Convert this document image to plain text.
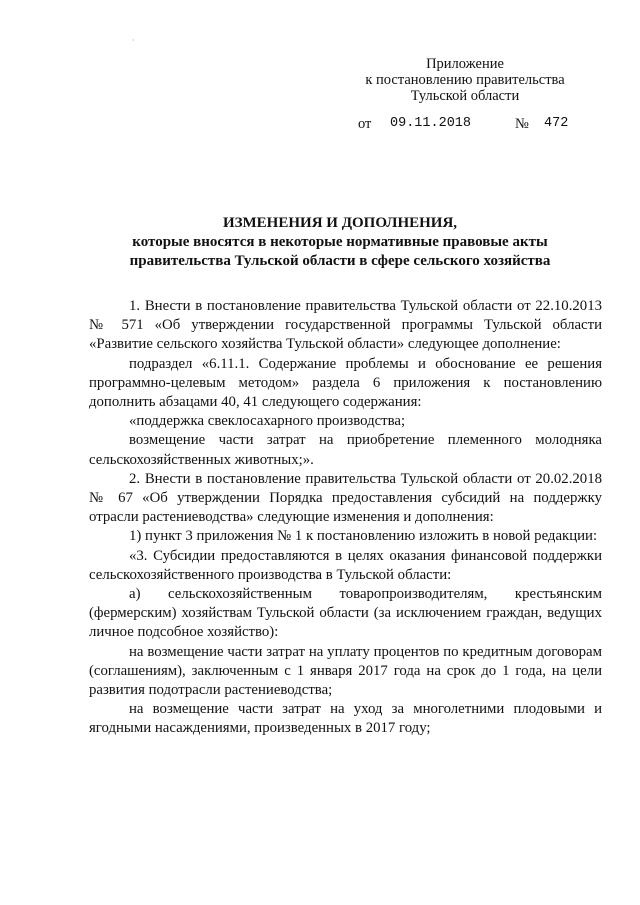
·
Приложение
к постановлению правительства
Тульской области
от 09.11.2018	№ 472
ИЗМЕНЕНИЯ И ДОПОЛНЕНИЯ,
которые вносятся в некоторые нормативные правовые акты
правительства Тульской области в сфере сельского хозяйства

1. Внести в постановление правительства Тульской области от 22.10.2013 № 571 «Об утверждении государственной программы Тульской области «Развитие сельского хозяйства Тульской области» следующее дополнение:

подраздел «6.11.1. Содержание проблемы и обоснование ее решения программно-целевым методом» раздела 6 приложения к постановлению дополнить абзацами 40, 41 следующего содержания:

«поддержка свеклосахарного производства;

возмещение части затрат на приобретение племенного молодняка сельскохозяйственных животных;».

2. Внести в постановление правительства Тульской области от 20.02.2018 № 67 «Об утверждении Порядка предоставления субсидий на поддержку отрасли растениеводства» следующие изменения и дополнения:

1) пункт 3 приложения № 1 к постановлению изложить в новой редакции:

«3. Субсидии предоставляются в целях оказания финансовой поддержки сельскохозяйственного производства в Тульской области:

а) сельскохозяйственным товаропроизводителям, крестьянским (фермерским) хозяйствам Тульской области (за исключением граждан, ведущих личное подсобное хозяйство):

на возмещение части затрат на уплату процентов по кредитным договорам (соглашениям), заключенным с 1 января 2017 года на срок до 1 года, на цели развития подотрасли растениеводства;

на возмещение части затрат на уход за многолетними плодовыми и ягодными насаждениями, произведенных в 2017 году;
